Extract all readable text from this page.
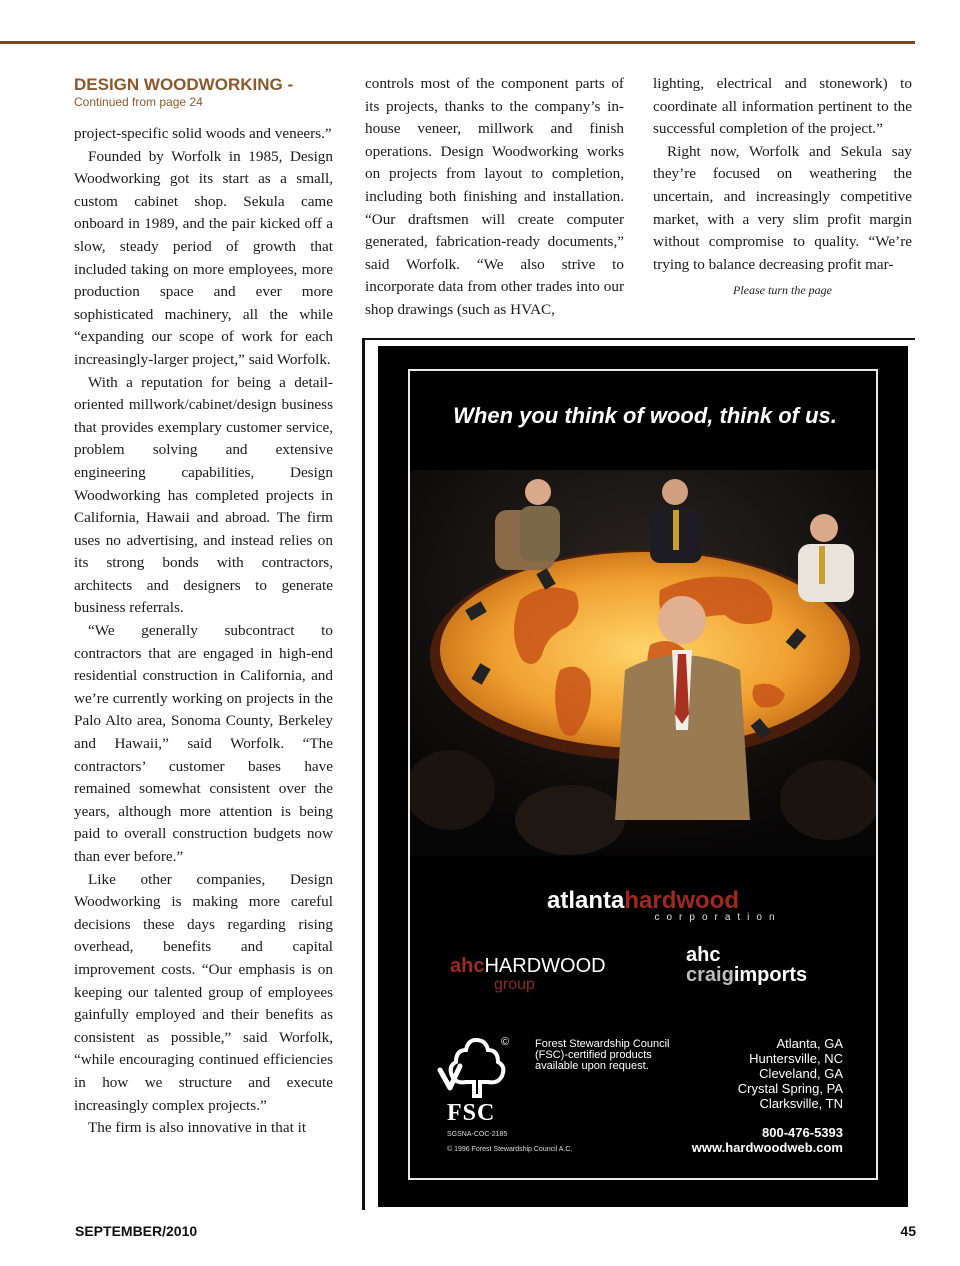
DESIGN WOODWORKING -
Continued from page 24

project-specific solid woods and veneers.”

Founded by Worfolk in 1985, Design Woodworking got its start as a small, custom cabinet shop. Sekula came onboard in 1989, and the pair kicked off a slow, steady period of growth that included taking on more employees, more production space and ever more sophisticated machinery, all the while “expanding our scope of work for each increasingly-larger project,” said Worfolk.

With a reputation for being a detail-oriented millwork/cabinet/design business that provides exemplary customer service, problem solving and extensive engineering capabilities, Design Woodworking has completed projects in California, Hawaii and abroad. The firm uses no advertising, and instead relies on its strong bonds with contractors, architects and designers to generate business referrals.

“We generally subcontract to contractors that are engaged in high-end residential construction in California, and we’re currently working on projects in the Palo Alto area, Sonoma County, Berkeley and Hawaii,” said Worfolk. “The contractors’ customer bases have remained somewhat consistent over the years, although more attention is being paid to overall construction budgets now than ever before.”

Like other companies, Design Woodworking is making more careful decisions these days regarding rising overhead, benefits and capital improvement costs. “Our emphasis is on keeping our talented group of employees gainfully employed and their benefits as consistent as possible,” said Worfolk, “while encouraging continued efficiencies in how we structure and execute increasingly complex projects.”

The firm is also innovative in that it

controls most of the component parts of its projects, thanks to the company’s in-house veneer, millwork and finish operations. Design Woodworking works on projects from layout to completion, including both finishing and installation. “Our draftsmen will create computer generated, fabrication-ready documents,” said Worfolk. “We also strive to incorporate data from other trades into our shop drawings (such as HVAC,

lighting, electrical and stonework) to coordinate all information pertinent to the successful completion of the project.”

Right now, Worfolk and Sekula say they’re focused on weathering the uncertain, and increasingly competitive market, with a very slim profit margin without compromise to quality. “We’re trying to balance decreasing profit mar-

Please turn the page
When you think of wood, think of us.
atlantahardwood
corporation
ahcHARDWOOD
group
ahc
craigimports
© Forest Stewardship Council (FSC)-certified products available upon request.
FSC
SGSNA-COC-2185
© 1996 Forest Stewardship Council A.C.
Atlanta, GA
Huntersville, NC
Cleveland, GA
Crystal Spring, PA
Clarksville, TN
800-476-5393
www.hardwoodweb.com
SEPTEMBER/2010	45
